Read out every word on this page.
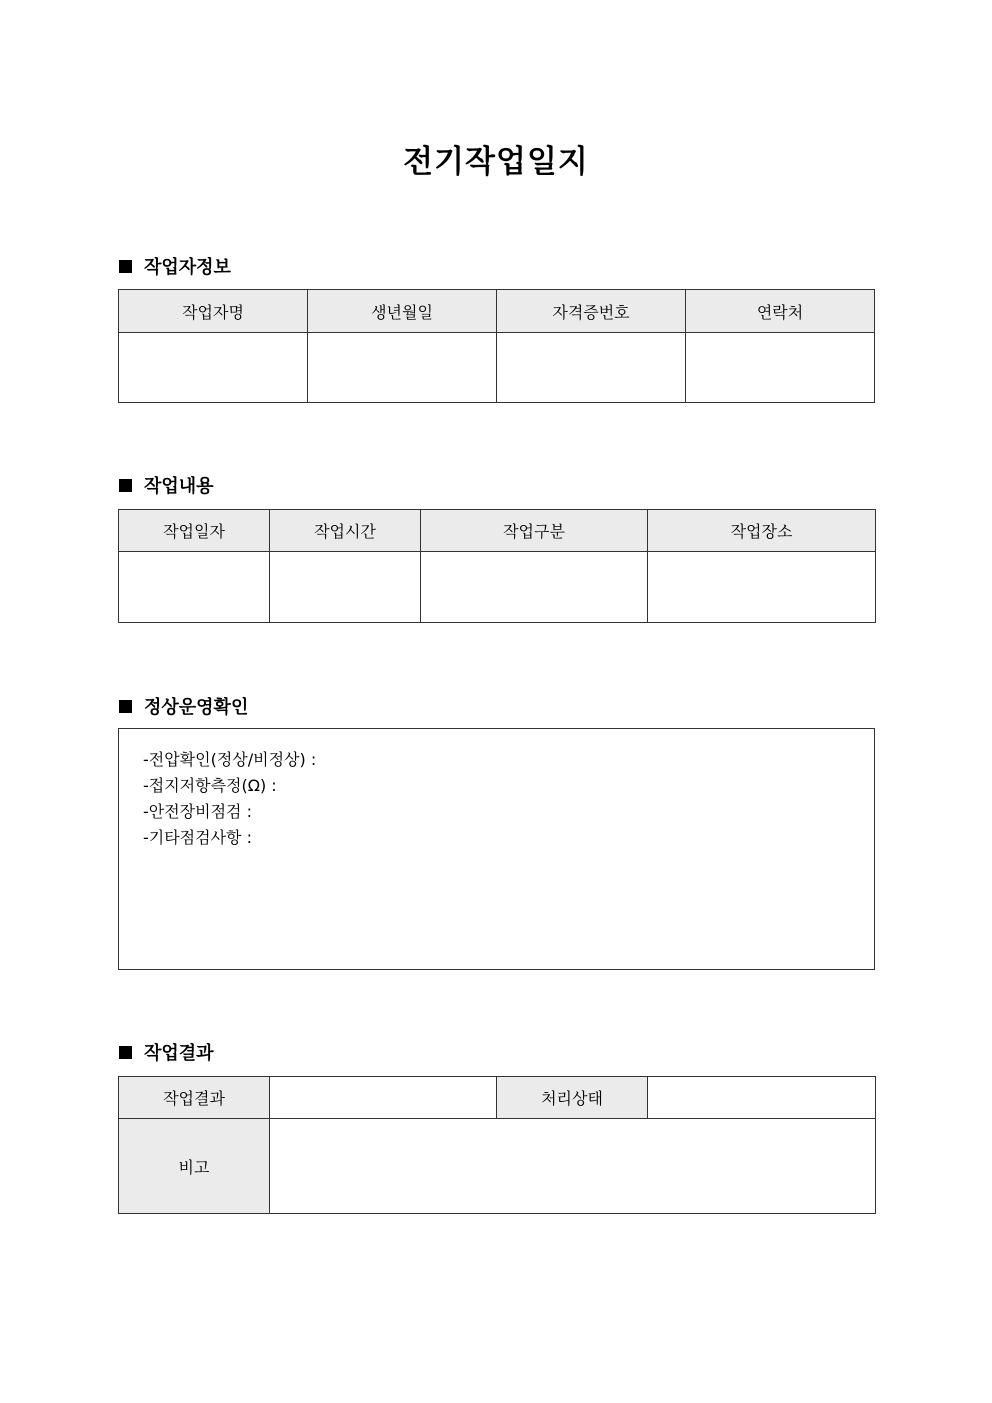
전기작업일지
작업자정보
작업자명	생년월일	자격증번호	연락처

작업내용
작업일자	작업시간	작업구분	작업장소

정상운영확인
-전압확인(정상/비정상) :
-접지저항측정(Ω) :
-안전장비점검 :
-기타점검사항 :
작업결과
작업결과		처리상태	
비고			
